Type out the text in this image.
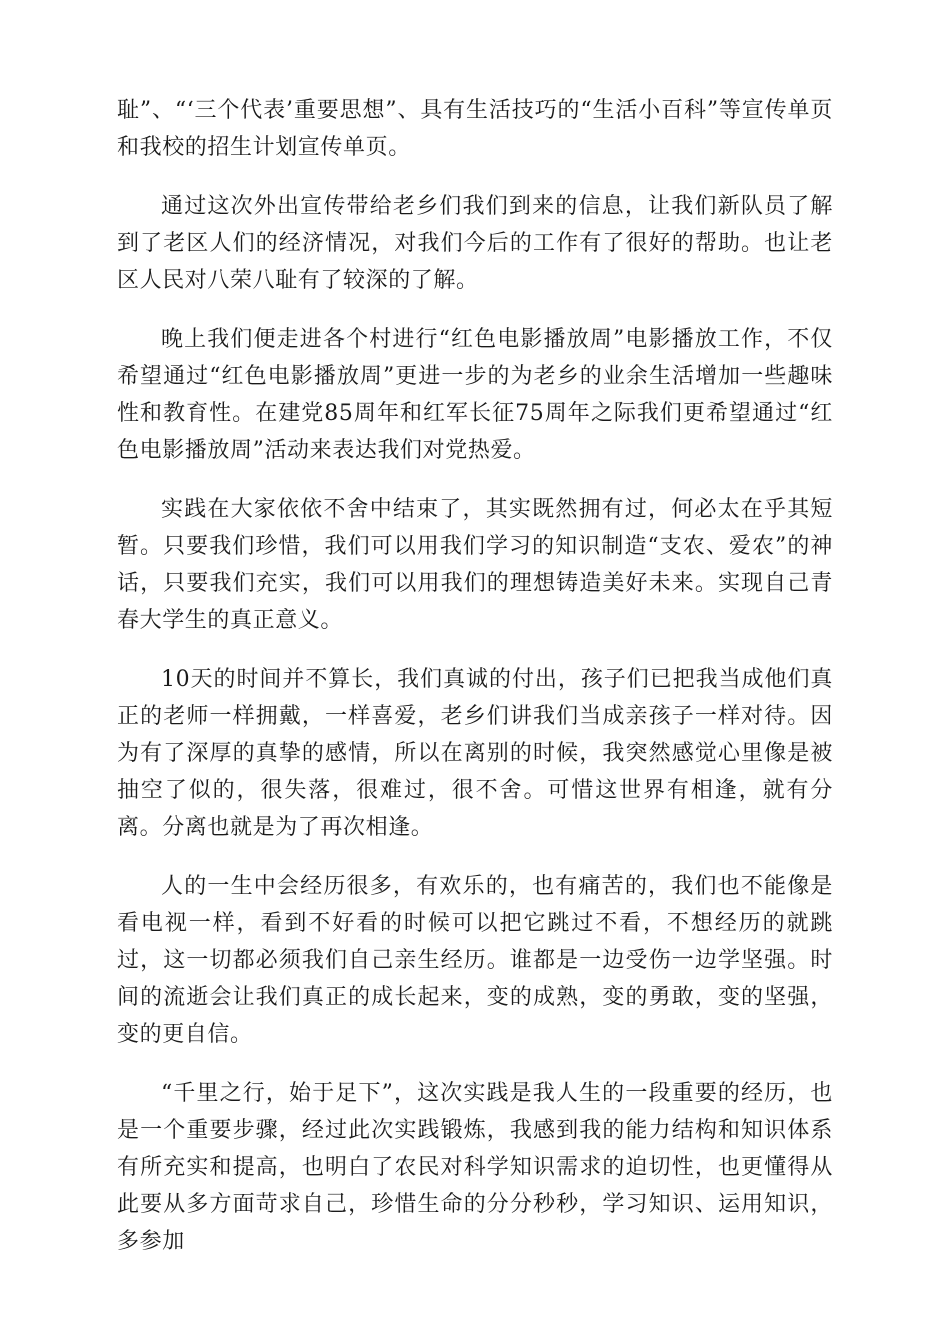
耻”、“‘三个代表’重要思想”、具有生活技巧的“生活小百科”等宣传单页和我校的招生计划宣传单页。

通过这次外出宣传带给老乡们我们到来的信息，让我们新队员了解到了老区人们的经济情况，对我们今后的工作有了很好的帮助。也让老区人民对八荣八耻有了较深的了解。

晚上我们便走进各个村进行“红色电影播放周”电影播放工作，不仅希望通过“红色电影播放周”更进一步的为老乡的业余生活增加一些趣味性和教育性。在建党85周年和红军长征75周年之际我们更希望通过“红色电影播放周”活动来表达我们对党热爱。

实践在大家依依不舍中结束了，其实既然拥有过，何必太在乎其短暂。只要我们珍惜，我们可以用我们学习的知识制造“支农、爱农”的神话，只要我们充实，我们可以用我们的理想铸造美好未来。实现自己青春大学生的真正意义。

10天的时间并不算长，我们真诚的付出，孩子们已把我当成他们真正的老师一样拥戴，一样喜爱，老乡们讲我们当成亲孩子一样对待。因为有了深厚的真挚的感情，所以在离别的时候，我突然感觉心里像是被抽空了似的，很失落，很难过，很不舍。可惜这世界有相逢，就有分离。分离也就是为了再次相逢。

人的一生中会经历很多，有欢乐的，也有痛苦的，我们也不能像是看电视一样，看到不好看的时候可以把它跳过不看，不想经历的就跳过，这一切都必须我们自己亲生经历。谁都是一边受伤一边学坚强。时间的流逝会让我们真正的成长起来，变的成熟，变的勇敢，变的坚强，变的更自信。

“千里之行，始于足下”，这次实践是我人生的一段重要的经历，也是一个重要步骤，经过此次实践锻炼，我感到我的能力结构和知识体系有所充实和提高，也明白了农民对科学知识需求的迫切性，也更懂得从此要从多方面苛求自己，珍惜生命的分分秒秒，学习知识、运用知识，多参加
